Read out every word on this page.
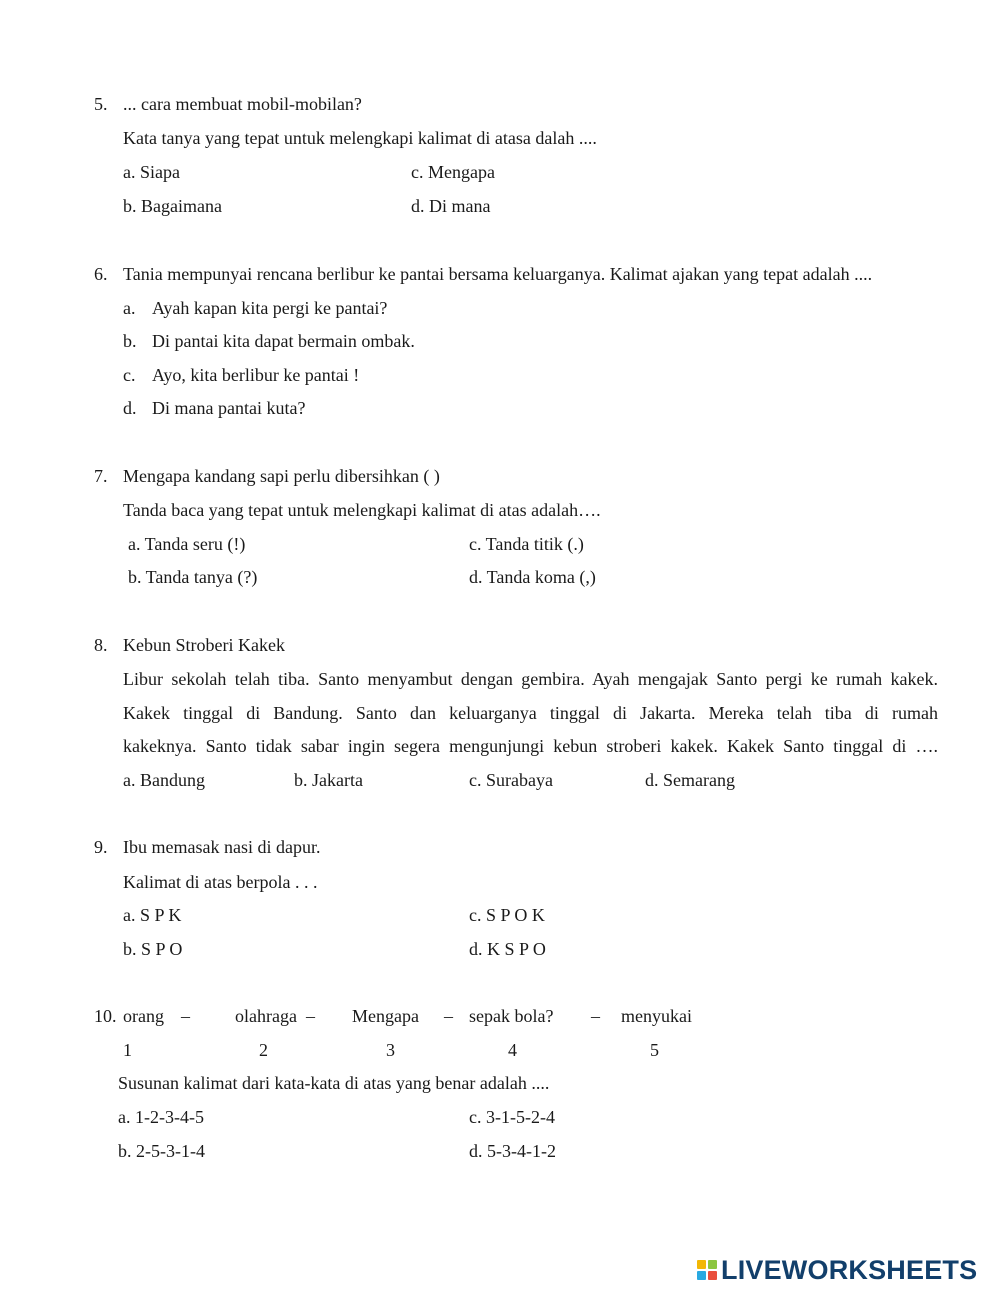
5. ... cara membuat mobil-mobilan?
Kata tanya yang tepat untuk melengkapi kalimat di atasa dalah ....
a. Siapa	c. Mengapa
b. Bagaimana	d. Di mana
6. Tania mempunyai rencana berlibur ke pantai bersama keluarganya. Kalimat ajakan yang tepat adalah ....
a. Ayah kapan kita pergi ke pantai?
b. Di pantai kita dapat bermain ombak.
c. Ayo, kita berlibur ke pantai !
d. Di mana pantai kuta?
7. Mengapa kandang sapi perlu dibersihkan ( )
Tanda baca yang tepat untuk melengkapi kalimat di atas adalah….
a. Tanda seru (!)	c. Tanda titik (.)
b. Tanda tanya (?)	d. Tanda koma (,)
8. Kebun Stroberi Kakek
Libur sekolah telah tiba. Santo menyambut dengan gembira. Ayah mengajak Santo pergi ke rumah kakek.
Kakek tinggal di Bandung. Santo dan keluarganya tinggal di Jakarta. Mereka telah tiba di rumah
kakeknya. Santo tidak sabar ingin segera mengunjungi kebun stroberi kakek. Kakek Santo tinggal di ….
a. Bandung	b. Jakarta	c. Surabaya	d. Semarang
9. Ibu memasak nasi di dapur.
Kalimat di atas berpola . . .
a. S P K	c. S P O K
b. S P O	d. K S P O
10. orang –	olahraga – Mengapa – sepak bola? – menyukai
1	2	3	4	5
Susunan kalimat dari kata-kata di atas yang benar adalah ....
a. 1-2-3-4-5	c. 3-1-5-2-4
b. 2-5-3-1-4	d. 5-3-4-1-2
LIVEWORKSHEETS
